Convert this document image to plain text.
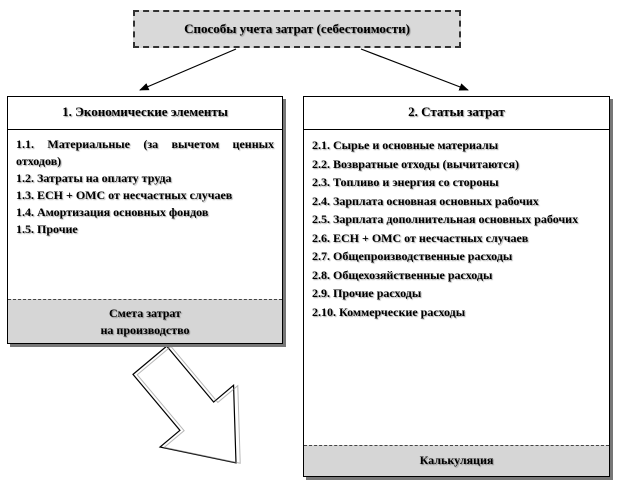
Способы учета затрат (себестоимости)
1. Экономические элементы
1.1. Материальные (за вычетом ценных отходов)
1.2. Затраты на оплату труда
1.3. ЕСН + ОМС от несчастных случаев
1.4. Амортизация основных фондов
1.5. Прочие
Смета затрат
на производство
2. Статьи затрат
2.1. Сырье и основные материалы
2.2. Возвратные отходы (вычитаются)
2.3. Топливо и энергия со стороны
2.4. Зарплата основная основных рабочих
2.5. Зарплата дополнительная основных рабочих
2.6. ЕСН + ОМС от несчастных случаев
2.7. Общепроизводственные расходы
2.8. Общехозяйственные расходы
2.9. Прочие расходы
2.10. Коммерческие расходы
Калькуляция
